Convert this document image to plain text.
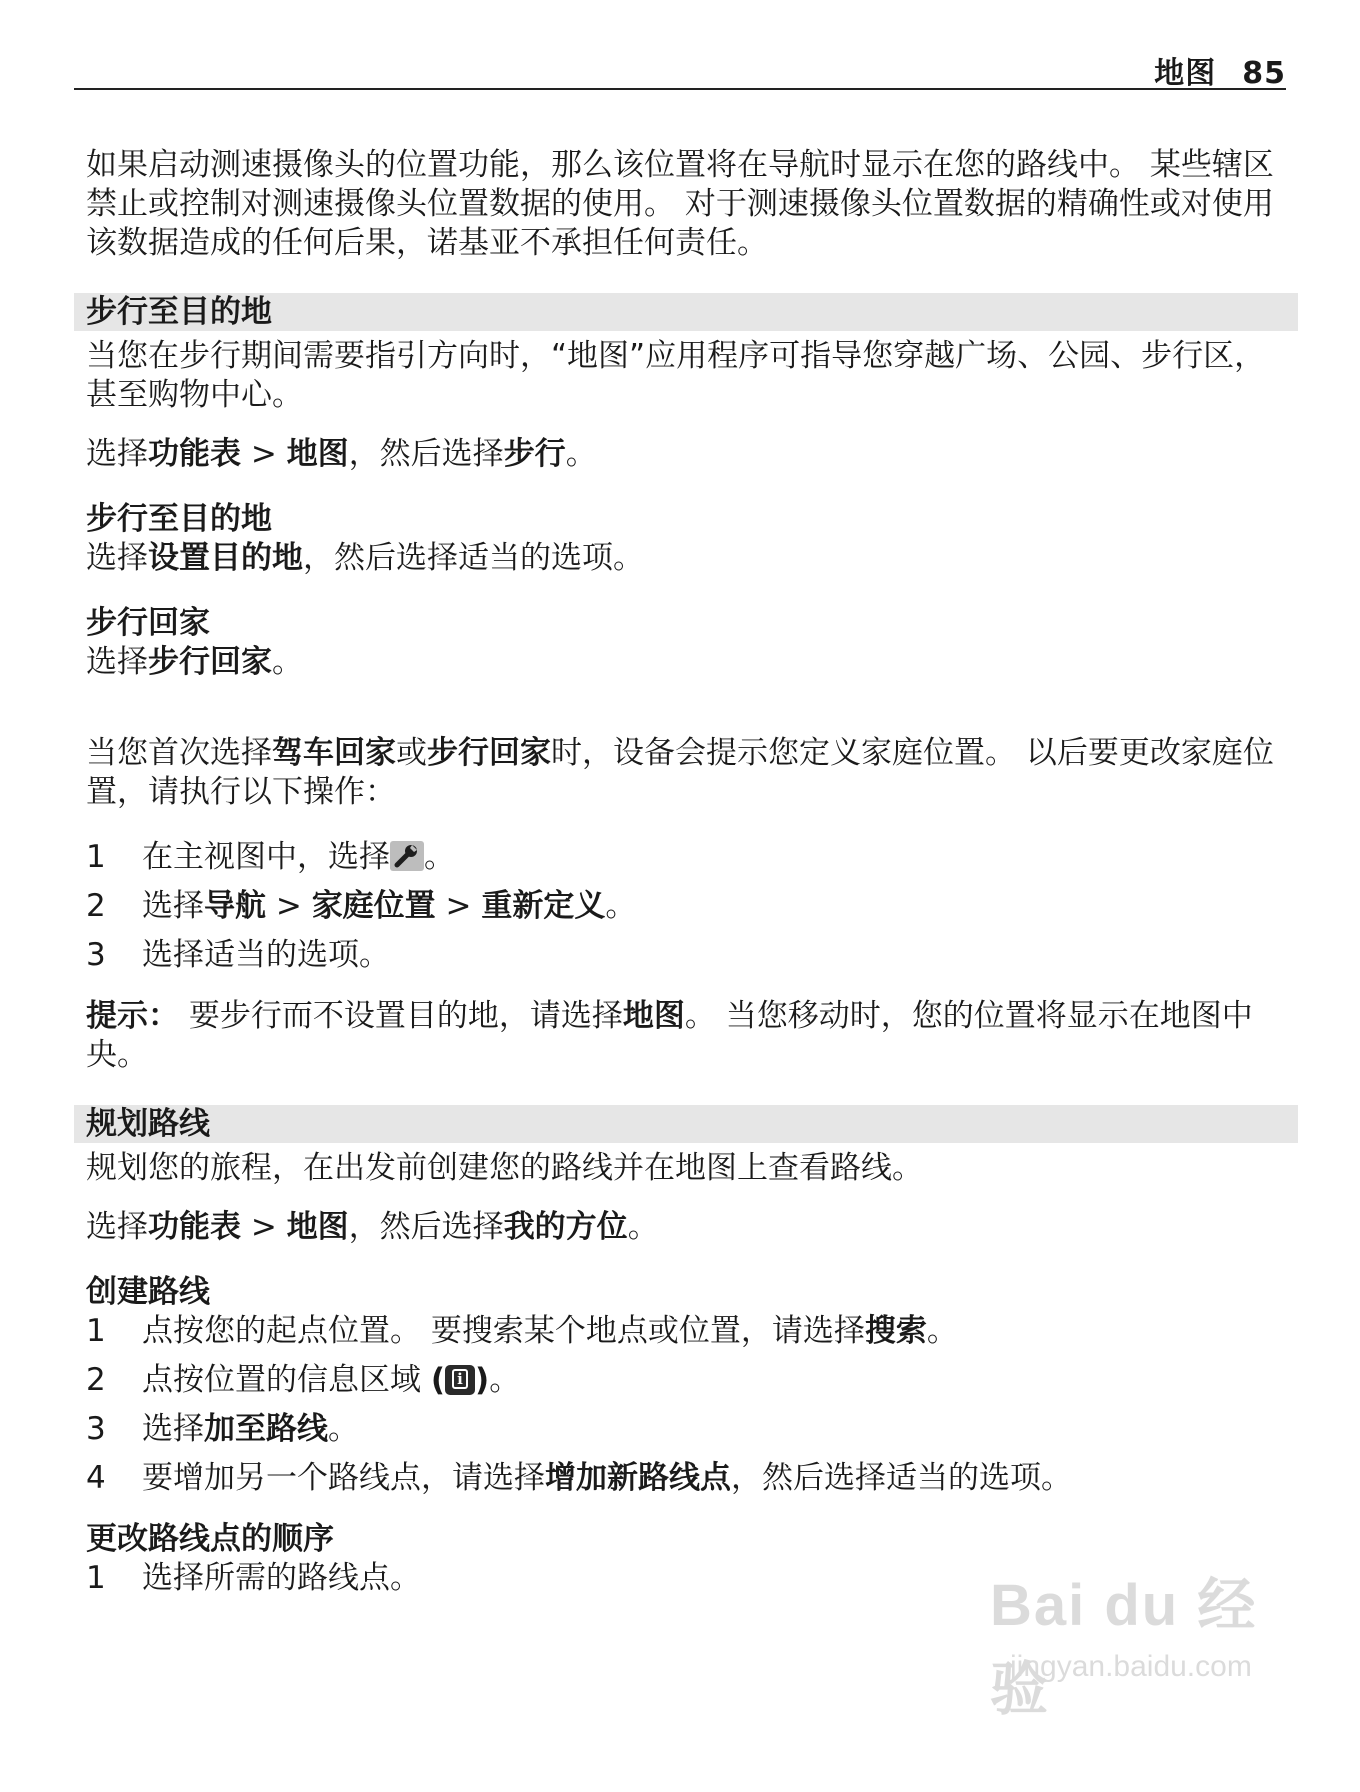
地图 85

如果启动测速摄像头的位置功能，那么该位置将在导航时显示在您的路线中。 某些辖区禁止或控制对测速摄像头位置数据的使用。 对于测速摄像头位置数据的精确性或对使用该数据造成的任何后果，诺基亚不承担任何责任。

步行至目的地

当您在步行期间需要指引方向时，“地图”应用程序可指导您穿越广场、公园、步行区，甚至购物中心。

选择功能表 > 地图，然后选择步行。

步行至目的地

选择设置目的地，然后选择适当的选项。

步行回家

选择步行回家。

当您首次选择驾车回家或步行回家时，设备会提示您定义家庭位置。 以后要更改家庭位置，请执行以下操作：

1 在主视图中，选择 。
2 选择导航 > 家庭位置 > 重新定义。
3 选择适当的选项。

提示： 要步行而不设置目的地，请选择地图。 当您移动时，您的位置将显示在地图中央。

规划路线

规划您的旅程，在出发前创建您的路线并在地图上查看路线。

选择功能表 > 地图，然后选择我的方位。

创建路线
1 点按您的起点位置。 要搜索某个地点或位置，请选择搜索。
2 点按位置的信息区域 ( i )。
3 选择加至路线。
4 要增加另一个路线点，请选择增加新路线点，然后选择适当的选项。
更改路线点的顺序
1 选择所需的路线点。	Bai du 经验
jingyan.baidu.com
